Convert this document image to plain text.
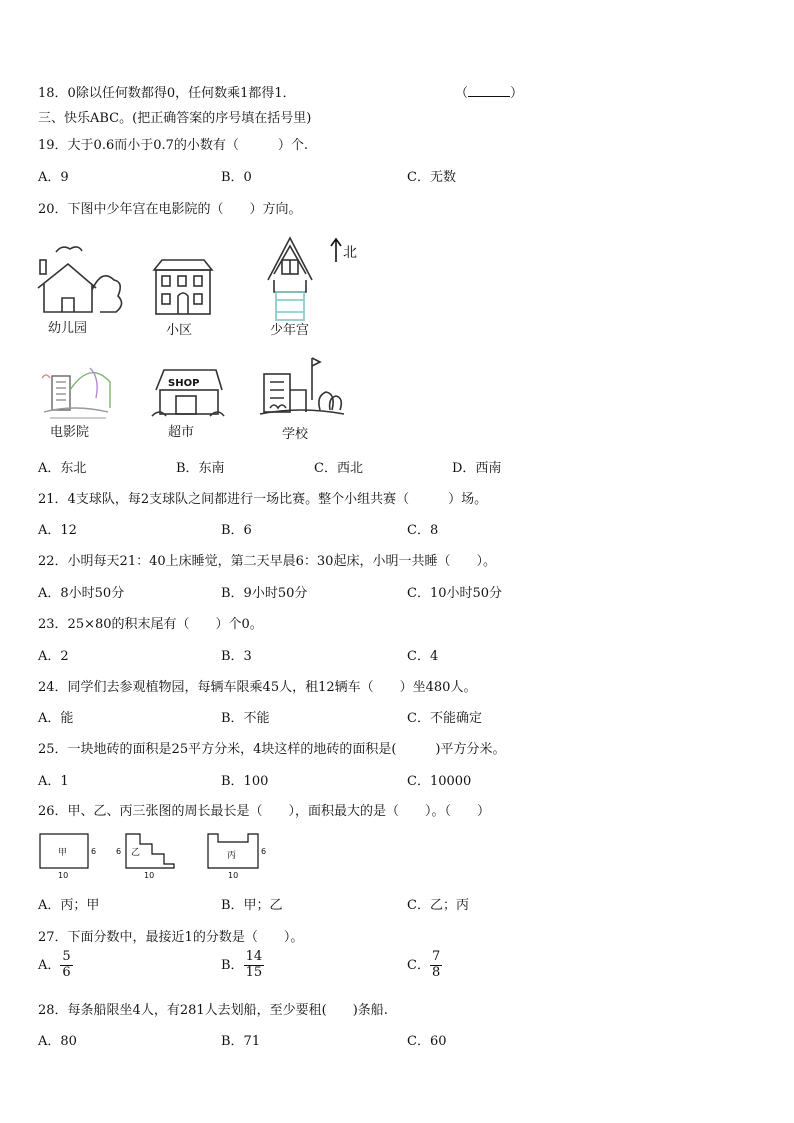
18．0除以任何数都得0，任何数乘1都得1．	（	）
三、快乐ABC。(把正确答案的序号填在括号里)
19．大于0.6而小于0.7的小数有（　　　）个.
A．9	B．0	C．无数
20．下图中少年宫在电影院的（　　）方向。
幼儿园	小区	少年宫
北
电影院
SHOP
超市	学校
A．东北	B．东南	C．西北	D．西南
21．4支球队，每2支球队之间都进行一场比赛。整个小组共赛（　　　）场。
A．12	B．6	C．8
22．小明每天21：40上床睡觉，第二天早晨6：30起床，小明一共睡（　　）。
A．8小时50分	B．9小时50分	C．10小时50分
23．25×80的积末尾有（　　）个0。
A．2	B．3	C．4
24．同学们去参观植物园，每辆车限乘45人，租12辆车（　　）坐480人。
A．能	B．不能	C．不能确定
25．一块地砖的面积是25平方分米，4块这样的地砖的面积是(　　　)平方分米。
A．1	B．100	C．10000
26．甲、乙、丙三张图的周长最长是（　　），面积最大的是（　　）。（　　）
甲	6
10
乙
6
10
丙	6
10
A．丙；甲	B．甲；乙	C．乙；丙
27．下面分数中，最接近1的分数是（　　）。
A． $\frac{5}{6}$	B． $\frac{14}{15}$	C． $\frac{7}{8}$
28．每条船限坐4人，有281人去划船，至少要租(　　)条船.
A．80	B．71	C．60
